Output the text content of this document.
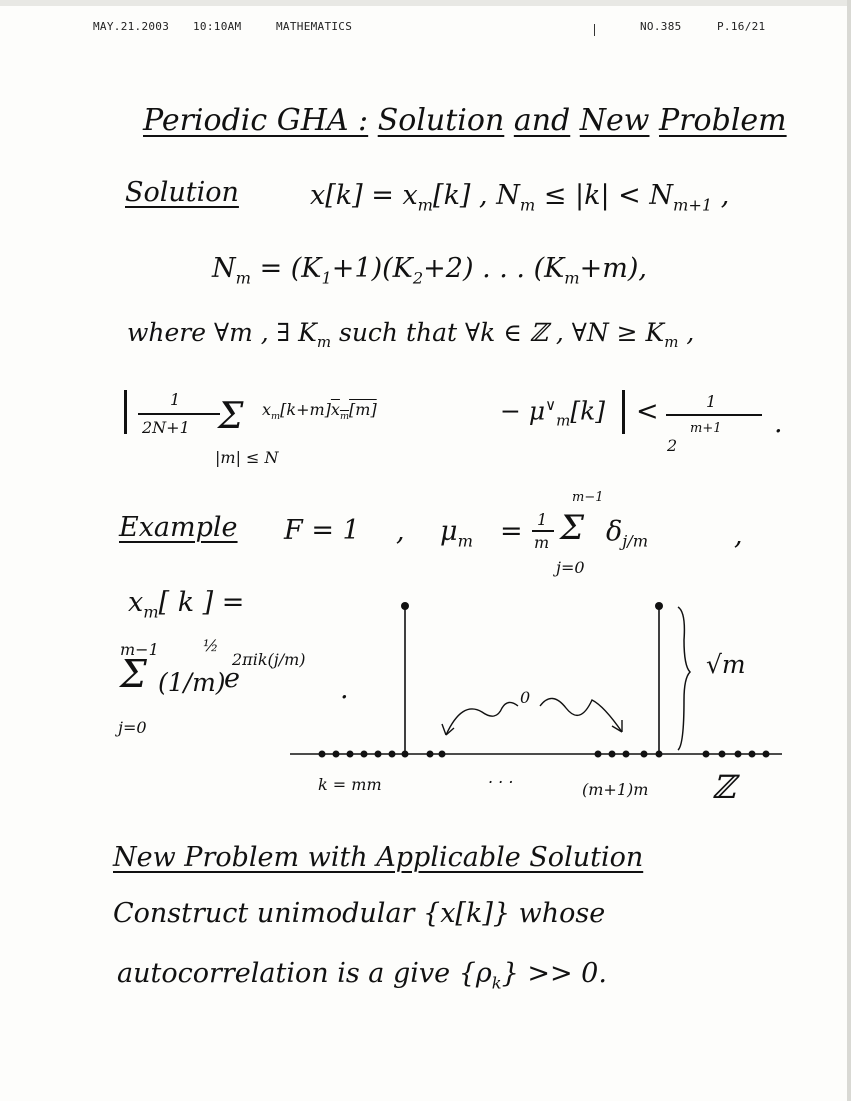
MAY.21.2003 10:10AM	MATHEMATICS	NO.385	P.16/21
Periodic GHA : Solution and New Problem
Solution	$x[k] = x_m[k]$ , $N_m \le |k| < N_{m+1}$ ,
$N_m = (K_1+1)(K_2+2)$ . . . $(K_m+m)$,
where ∀m , ∃ $K_m$ such that ∀k ∈ ℤ , ∀N ≥ $K_m$ ,
1
2N+1 Σ $x_m[k+m]x_m[m]$	− $\mu^\vee_m[k]$ <	1
2
m+1 .
|m| ≤ N
Example F = 1 , $\mu_m = 1$
m
m−1
Σ
j=0
$\delta_{j/m}$	,
$x_m$[ k ] =
m−1
Σ
j=0
(1/m)
½
2πik(j/m)
e	.
√m
0
k = mm	. . .
(m+1)m ℤ
New Problem with Applicable Solution
Construct unimodular {x[k]} whose
autocorrelation is a give $\{\rho_k\} >> 0$.
